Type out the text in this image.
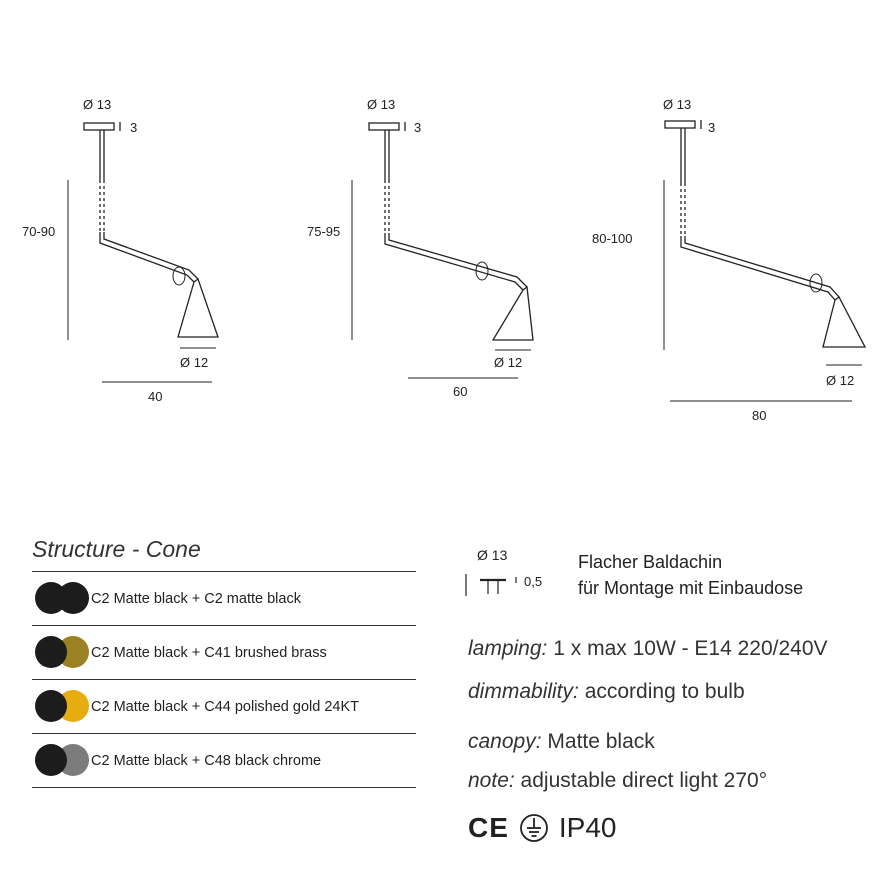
Ø 13
3
70-90
Ø 12
40
Ø 13
3
75-95
Ø 12
60
Ø 13
3
80-100
Ø 12
80
Structure - Cone
C2 Matte black + C2 matte black
C2 Matte black + C41 brushed brass
C2 Matte black + C44 polished gold 24KT
C2 Matte black + C48 black chrome
Ø 13
0,5
Flacher Baldachin
für Montage mit Einbaudose
lamping: 1 x max 10W - E14 220/240V
dimmability: according to bulb
canopy: Matte black
note: adjustable direct light 270°
CE IP40
